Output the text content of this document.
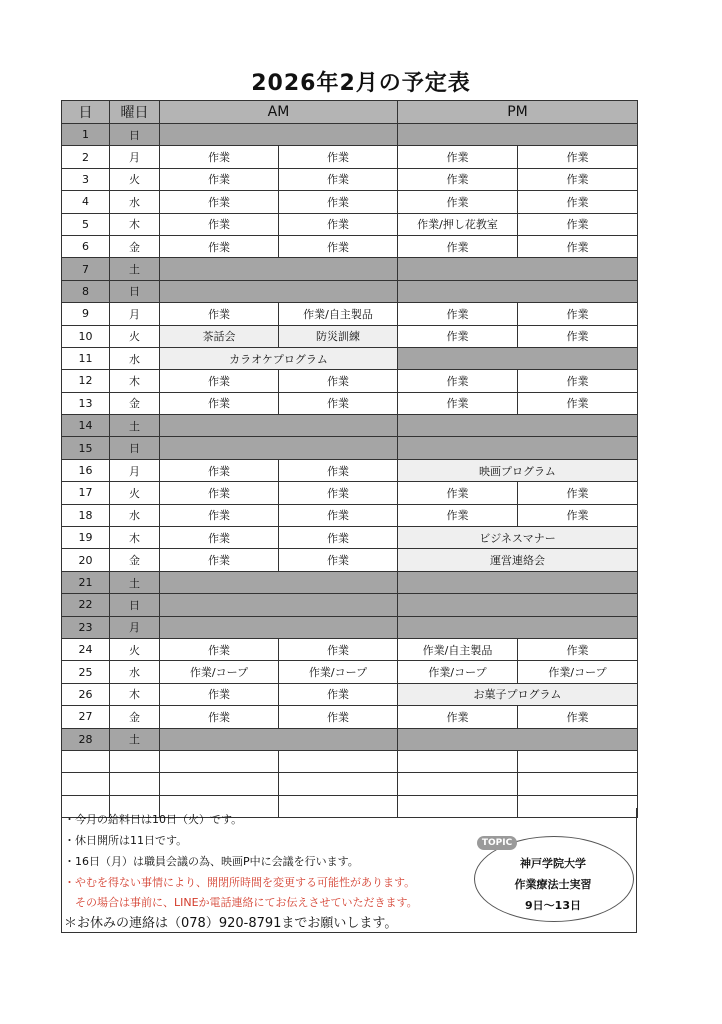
2026年2月の予定表
日	曜日	AM		PM	
1	日				
2	月	作業	作業	作業	作業
3	火	作業	作業	作業	作業
4	水	作業	作業	作業	作業
5	木	作業	作業	作業/押し花教室	作業
6	金	作業	作業	作業	作業
7	土				
8	日				
9	月	作業	作業/自主製品	作業	作業
10	火	茶話会	防災訓練	作業	作業
11	水	カラオケプログラム			
12	木	作業	作業	作業	作業
13	金	作業	作業	作業	作業
14	土				
15	日				
16	月	作業	作業	映画プログラム	
17	火	作業	作業	作業	作業
18	水	作業	作業	作業	作業
19	木	作業	作業	ビジネスマナー	
20	金	作業	作業	運営連絡会	
21	土				
22	日				
23	月				
24	火	作業	作業	作業/自主製品	作業
25	水	作業/コープ	作業/コープ	作業/コープ	作業/コープ
26	木	作業	作業	お菓子プログラム	
27	金	作業	作業	作業	作業
28	土				

・今月の給料日は10日（火）です。
・休日開所は11日です。
・16日（月）は職員会議の為、映画P中に会議を行います。
・やむを得ない事情により、開閉所時間を変更する可能性があります。
　その場合は事前に、LINEか電話連絡にてお伝えさせていただきます。
＊お休みの連絡は（078）920-8791までお願いします。
TOPIC
神戸学院大学
作業療法士実習
9日〜13日
